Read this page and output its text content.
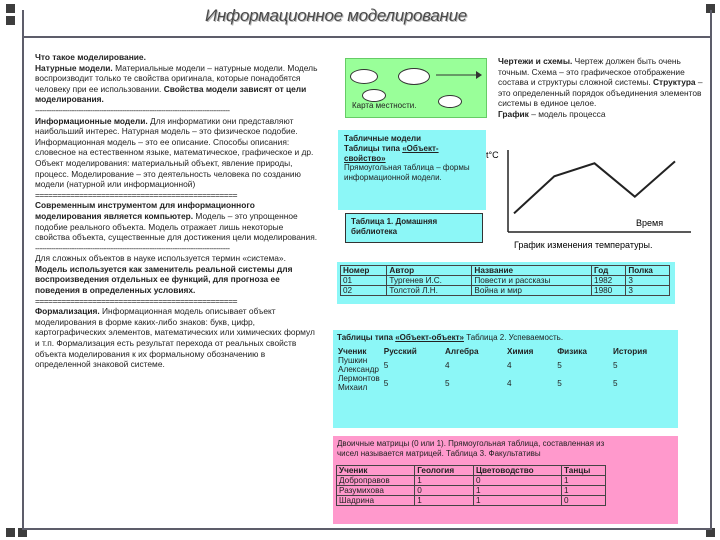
Информационное моделирование

Что такое моделирование.
Натурные модели. Материальные модели – натурные модели. Модель воспроизводит только те свойства оригинала, которые понадобятся человеку при ее использовании. Свойства модели зависят от цели моделирования.

-------------------------------------------------------------------------------------

Информационные модели. Для информатики они представляют наибольший интерес. Натурная модель – это физическое подобие. Информационная модель – это ее описание. Способы описания: словесное на естественном языке, математическое, графическое и др. Объект моделирования: материальный объект, явление природы, процесс. Моделирование – это деятельность человека по созданию модели (натурной или информационной)

==============================================

Современным инструментом для информационного моделирования является компьютер. Модель – это упрощенное подобие реального объекта. Модель отражает лишь некоторые свойства объекта, существенные для достижения цели моделирования.

-------------------------------------------------------------------------------------

Для сложных объектов в науке используется термин «система». Модель используется как заменитель реальной системы для воспроизведения отдельных ее функций, для прогноза ее поведения в определенных условиях.

==============================================

Формализация. Информационная модель описывает объект моделирования в форме каких-либо знаков: букв, цифр, картографических элементов, математических или химических формул и т.п. Формализация есть результат перехода от реальных свойств объекта моделирования к их формальному обозначению в определенной знаковой системе.

Карта местности.
Табличные модели
Таблицы типа «Объект-свойство»
Прямоугольная таблица – формы информационной модели.
Таблица 1. Домашняя библиотека
Номер	Автор	Название	Год	Полка
01	Тургенев И.С.	Повести и рассказы	1982	3
02	Толстой Л.Н.	Война и мир	1980	3
Таблицы типа «Объект-объект» Таблица 2. Успеваемость.
Ученик	Русский	Алгебра	Химия	Физика	История
Пушкин Александр	5	4	4	5	5
Лермонтов Михаил	5	5	4	5	5
Двоичные матрицы (0 или 1). Прямоугольная таблица, составленная из
чисел называется матрицей. Таблица 3. Факультативы
Ученик	Геология	Цветоводство	Танцы
Доброправов	1	0	1
Разумихова	0	1	1
Шадрина	1	1	0
Чертежи и схемы. Чертеж должен быть очень точным. Схема – это графическое отображение состава и структуры сложной системы. Структура – это определенный порядок объединения элементов системы в единое целое.
График – модель процесса
t°C
Время
График изменения температуры.
